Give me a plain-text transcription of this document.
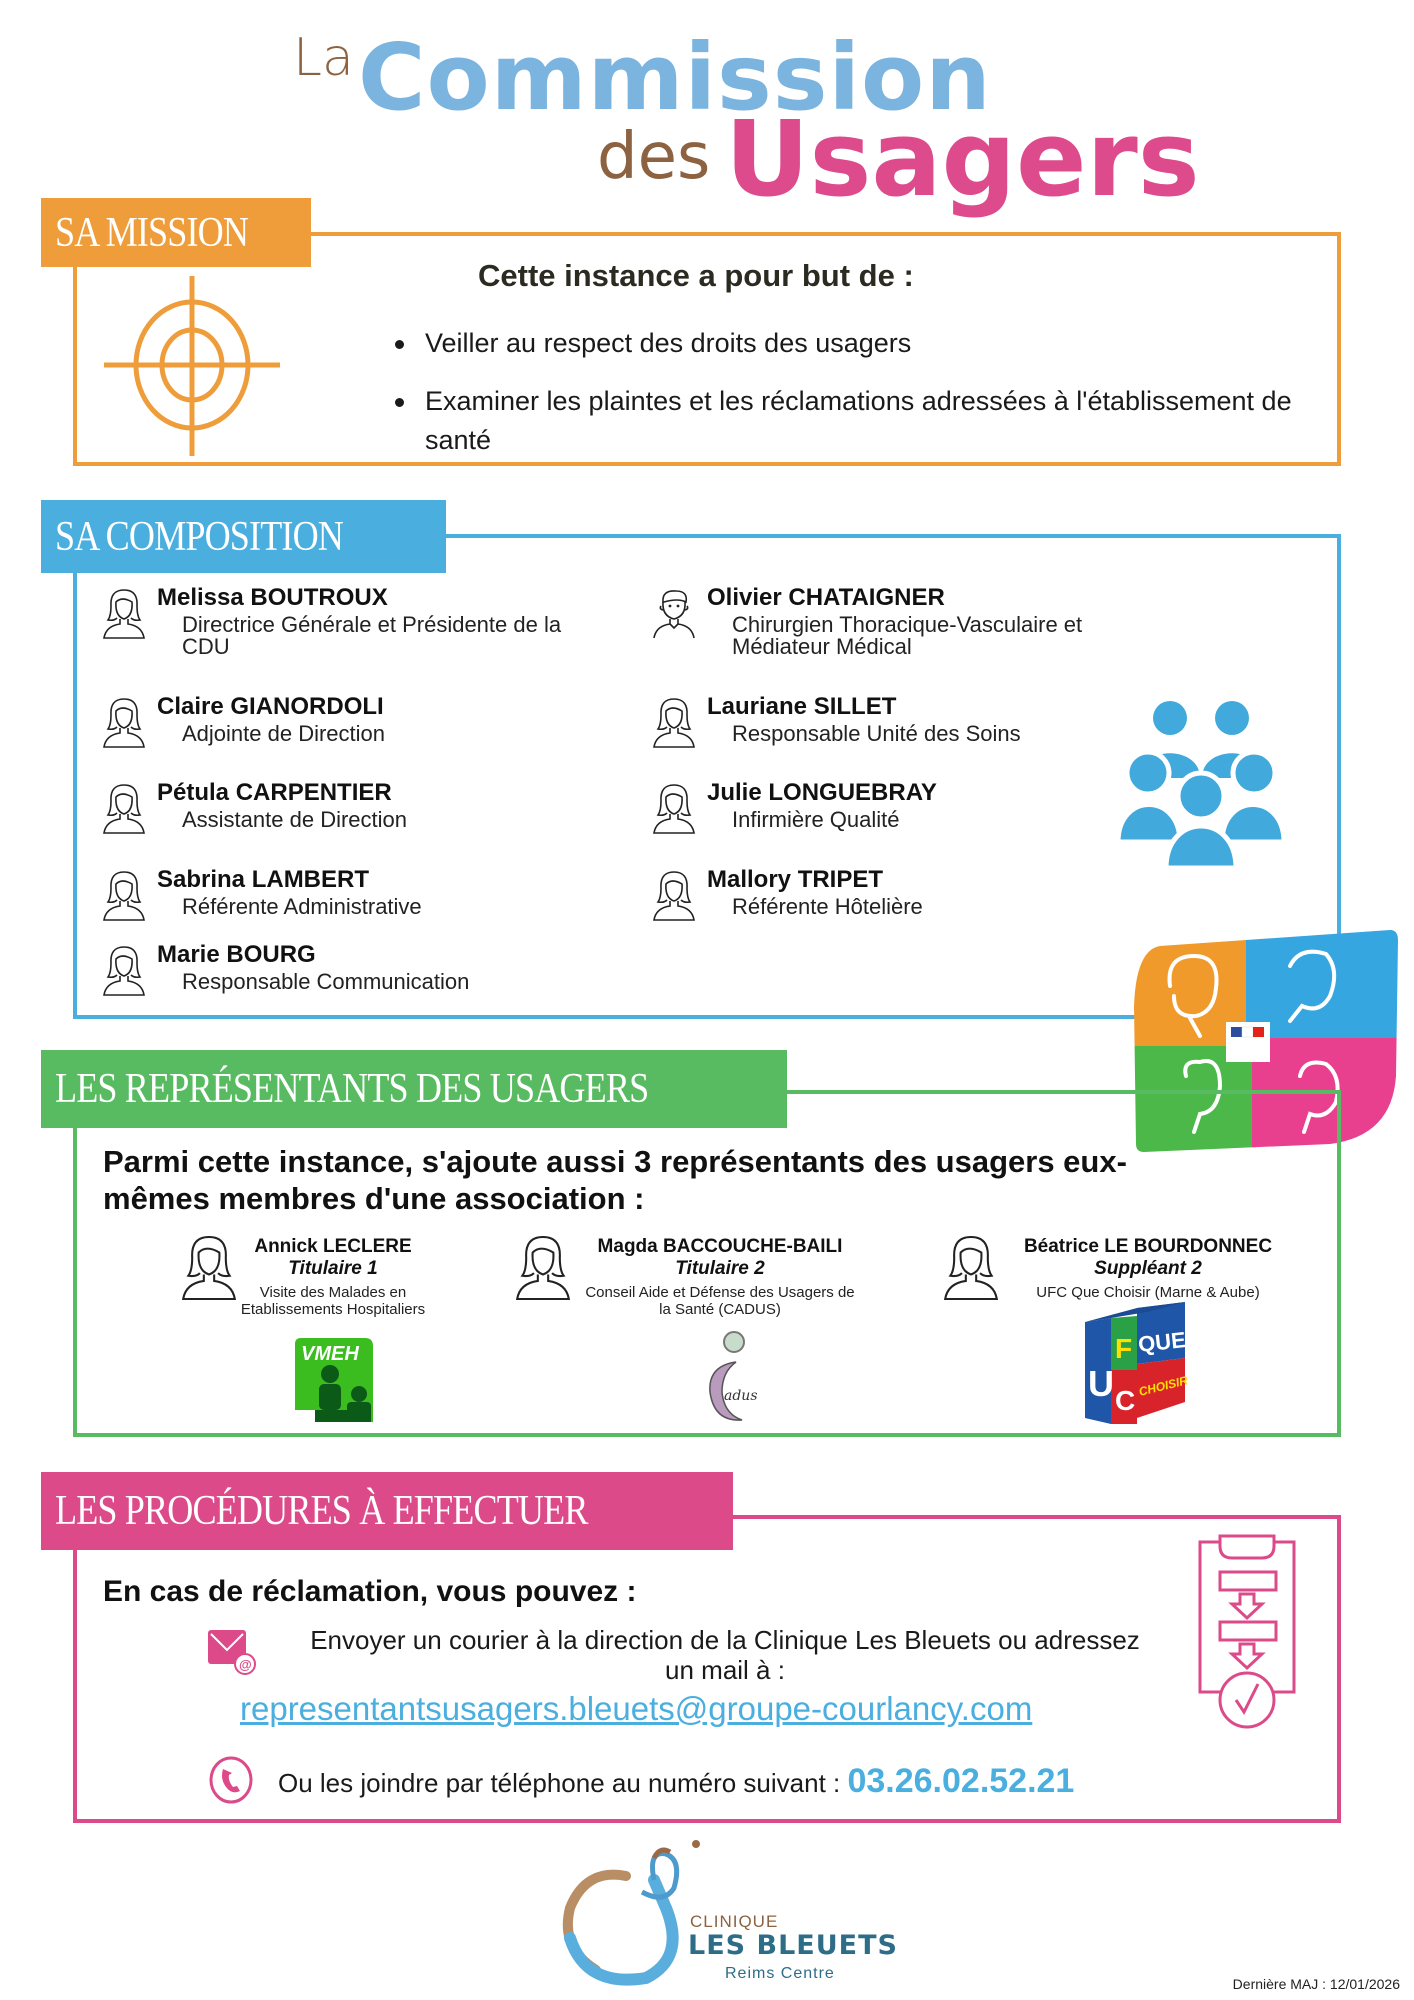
La Commission
des Usagers
SA MISSION
Cette instance a pour but de :
Veiller au respect des droits des usagers
Examiner les plaintes et les réclamations adressées à l'établissement de santé
SA COMPOSITION
Melissa BOUTROUX
Directrice Générale et Présidente de la CDU
Claire GIANORDOLI
Adjointe de Direction
Pétula CARPENTIER
Assistante de Direction
Sabrina LAMBERT
Référente Administrative
Marie BOURG
Responsable Communication
Olivier CHATAIGNER
Chirurgien Thoracique-Vasculaire et Médiateur Médical
Lauriane SILLET
Responsable Unité des Soins
Julie LONGUEBRAY
Infirmière Qualité
Mallory TRIPET
Référente Hôtelière
LES REPRÉSENTANTS DES USAGERS
Parmi cette instance, s'ajoute aussi 3 représentants des usagers eux-mêmes membres d'une association :
Annick LECLERE
Titulaire 1
Visite des Malades en Etablissements Hospitaliers
Magda BACCOUCHE-BAILI
Titulaire 2
Conseil Aide et Défense des Usagers de la Santé (CADUS)
Béatrice LE BOURDONNEC
Suppléant 2
UFC Que Choisir (Marne & Aube)
VMEH
adus	U
F
C
QUE
CHOISIR
LES PROCÉDURES À EFFECTUER
En cas de réclamation, vous pouvez :
@
Envoyer un courier à la direction de la Clinique Les Bleuets ou adressez un mail à :
representantsusagers.bleuets@groupe-courlancy.com
Ou les joindre par téléphone au numéro suivant : 03.26.02.52.21
CLINIQUE
LES BLEUETS
Reims Centre
Dernière MAJ : 12/01/2026
